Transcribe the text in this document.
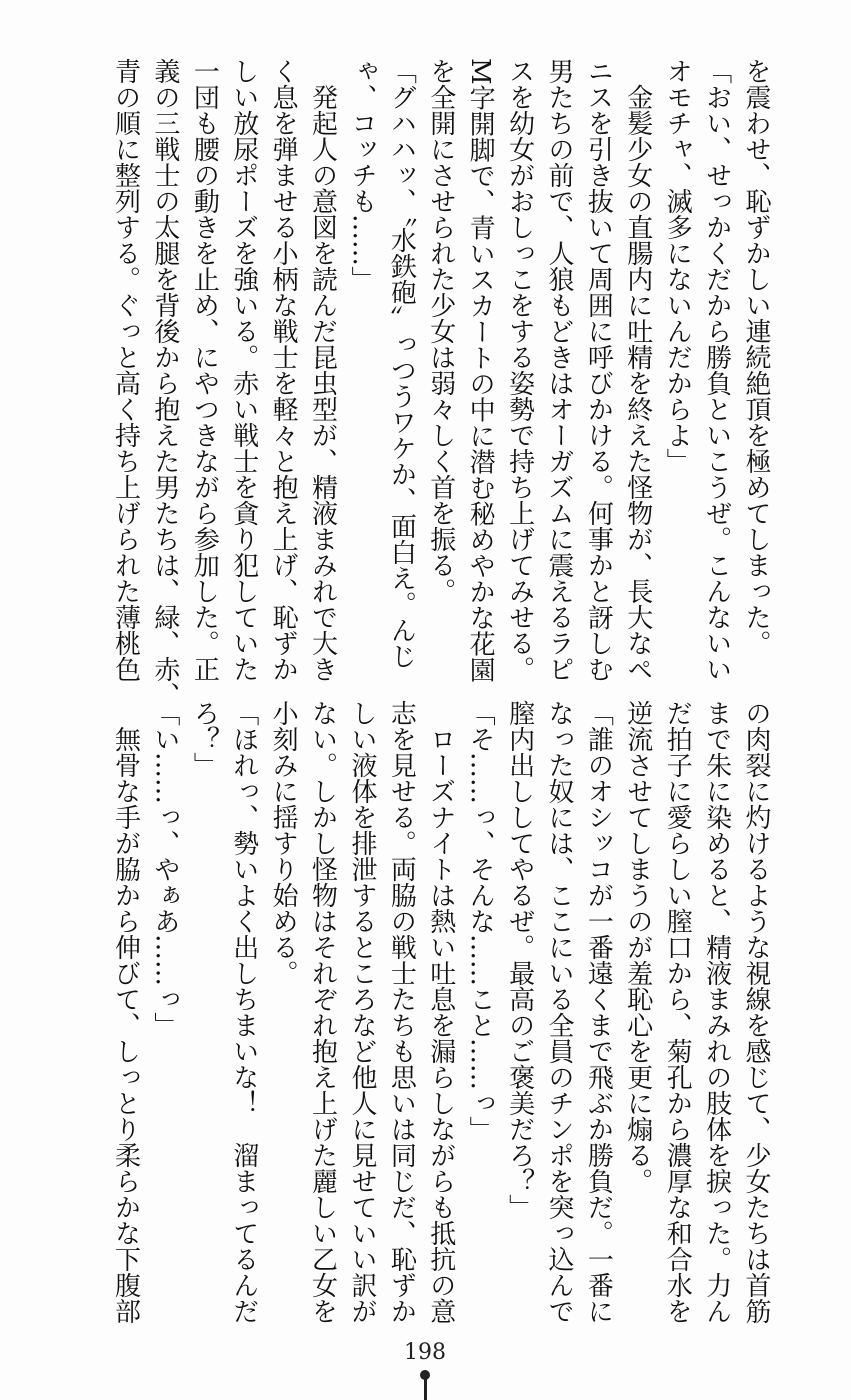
を震わせ、恥ずかしい連続絶頂を極めてしまった。
「おい、せっかくだから勝負といこうぜ。こんないい
オモチャ、滅多にないんだからよ」
　金髪少女の直腸内に吐精を終えた怪物が、長大なペ
ニスを引き抜いて周囲に呼びかける。何事かと訝しむ
男たちの前で、人狼もどきはオーガズムに震えるラピ
スを幼女がおしっこをする姿勢で持ち上げてみせる。
M字開脚で、青いスカートの中に潜む秘めやかな花園
を全開にさせられた少女は弱々しく首を振る。
「グハハッ、〝水鉄砲〟っつうワケか、面白え。んじ
ゃ、コッチも……」
　発起人の意図を読んだ昆虫型が、精液まみれで大き
く息を弾ませる小柄な戦士を軽々と抱え上げ、恥ずか
しい放尿ポーズを強いる。赤い戦士を貪り犯していた
一団も腰の動きを止め、にやつきながら参加した。正
義の三戦士の太腿を背後から抱えた男たちは、緑、赤、
青の順に整列する。ぐっと高く持ち上げられた薄桃色
の肉裂に灼けるような視線を感じて、少女たちは首筋
まで朱に染めると、精液まみれの肢体を捩った。力ん
だ拍子に愛らしい膣口から、菊孔から濃厚な和合水を
逆流させてしまうのが羞恥心を更に煽る。
「誰のオシッコが一番遠くまで飛ぶか勝負だ。一番に
なった奴には、ここにいる全員のチンポを突っ込んで
膣内出ししてやるぜ。最高のご褒美だろ？」
「そ……っ、そんな……こと……っ」
　ローズナイトは熱い吐息を漏らしながらも抵抗の意
志を見せる。両脇の戦士たちも思いは同じだ、恥ずか
しい液体を排泄するところなど他人に見せていい訳が
ない。しかし怪物はそれぞれ抱え上げた麗しい乙女を
小刻みに揺すり始める。
「ほれっ、勢いよく出しちまいな！　溜まってるんだ
ろ？」
「い……っ、やぁあ……っ」
　無骨な手が脇から伸びて、しっとり柔らかな下腹部
198
